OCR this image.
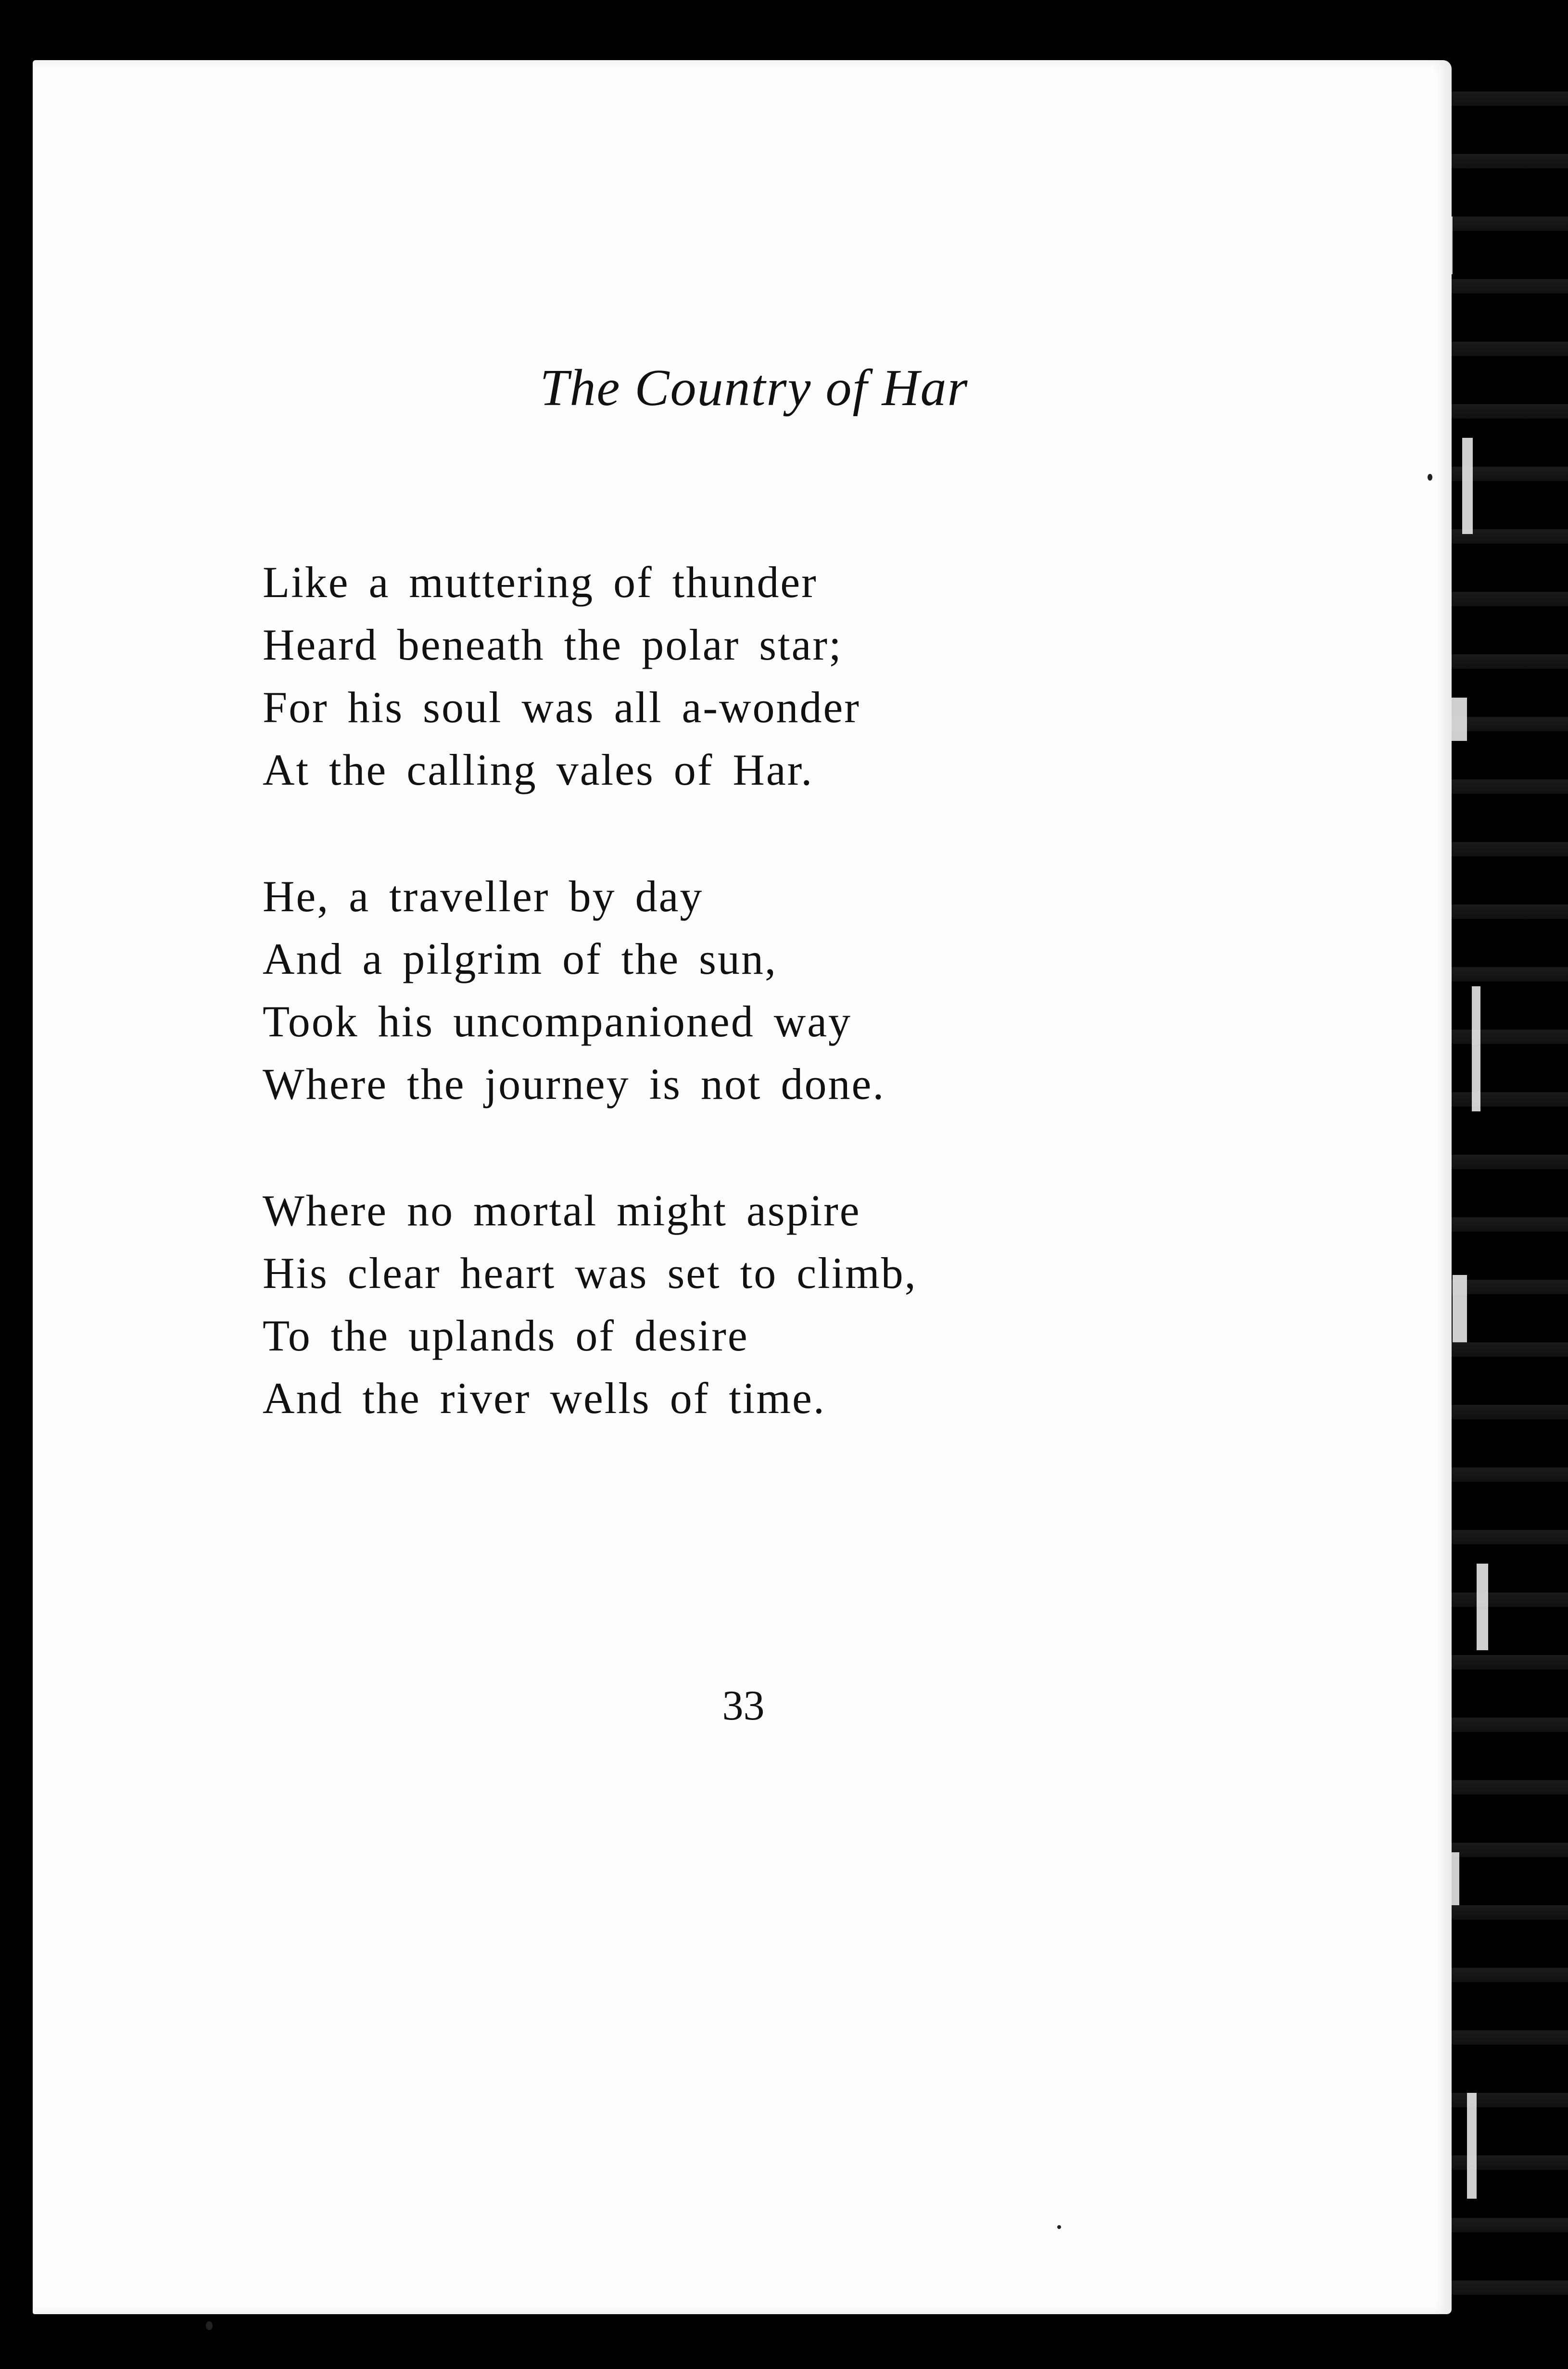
The Country of Har
Like a muttering of thunder
Heard beneath the polar star;
For his soul was all a-wonder
At the calling vales of Har.
He, a traveller by day
And a pilgrim of the sun,
Took his uncompanioned way
Where the journey is not done.
Where no mortal might aspire
His clear heart was set to climb,
To the uplands of desire
And the river wells of time.
33
